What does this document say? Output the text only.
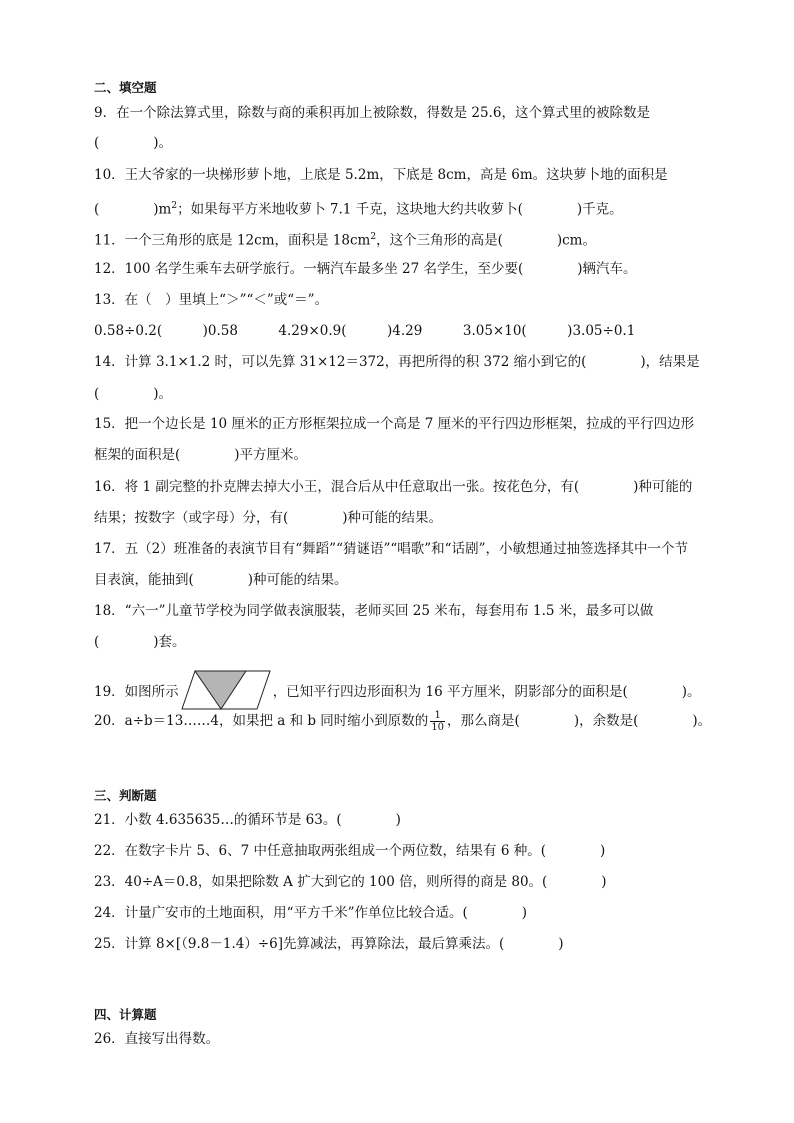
二、填空题
9．在一个除法算式里，除数与商的乘积再加上被除数，得数是 25.6，这个算式里的被除数是
(　　　　)。
10．王大爷家的一块梯形萝卜地，上底是 5.2m，下底是 8cm，高是 6m。这块萝卜地的面积是
(　　　　)$m^2$；如果每平方米地收萝卜 7.1 千克，这块地大约共收萝卜(　　　　)千克。
11．一个三角形的底是 12cm，面积是 $18cm^2$，这个三角形的高是(　　　　)cm。
12．100 名学生乘车去研学旅行。一辆汽车最多坐 27 名学生，至少要(　　　　)辆汽车。
13．在（　）里填上“＞”“＜”或“＝”。
0.58÷0.2(　　　)0.58　　　4.29×0.9(　　　)4.29　　　3.05×10(　　　)3.05÷0.1
14．计算 3.1×1.2 时，可以先算 31×12＝372，再把所得的积 372 缩小到它的(　　　　)，结果是
(　　　　)。
15．把一个边长是 10 厘米的正方形框架拉成一个高是 7 厘米的平行四边形框架，拉成的平行四边形
框架的面积是(　　　　)平方厘米。
16．将 1 副完整的扑克牌去掉大小王，混合后从中任意取出一张。按花色分，有(　　　　)种可能的
结果；按数字（或字母）分，有(　　　　)种可能的结果。
17．五（2）班准备的表演节目有“舞蹈”“猜谜语”“唱歌”和“话剧”，小敏想通过抽签选择其中一个节
目表演，能抽到(　　　　)种可能的结果。
18．“六一”儿童节学校为同学做表演服装，老师买回 25 米布，每套用布 1.5 米，最多可以做
(　　　　)套。
19．如图所示	，已知平行四边形面积为 16 平方厘米，阴影部分的面积是(　　　　)。
20．a÷b＝13……4，如果把 a 和 b 同时缩小到原数的 $\frac{1}{10}$ ，那么商是(　　　　)，余数是(　　　　)。
三、判断题
21．小数 4.635635…的循环节是 63。(　　　　)
22．在数字卡片 5、6、7 中任意抽取两张组成一个两位数，结果有 6 种。(　　　　)
23．40÷A＝0.8，如果把除数 A 扩大到它的 100 倍，则所得的商是 80。(　　　　)
24．计量广安市的土地面积，用“平方千米”作单位比较合适。(　　　　)
25．计算 8×[（9.8－1.4）÷6]先算减法，再算除法，最后算乘法。(　　　　)
四、计算题
26．直接写出得数。
